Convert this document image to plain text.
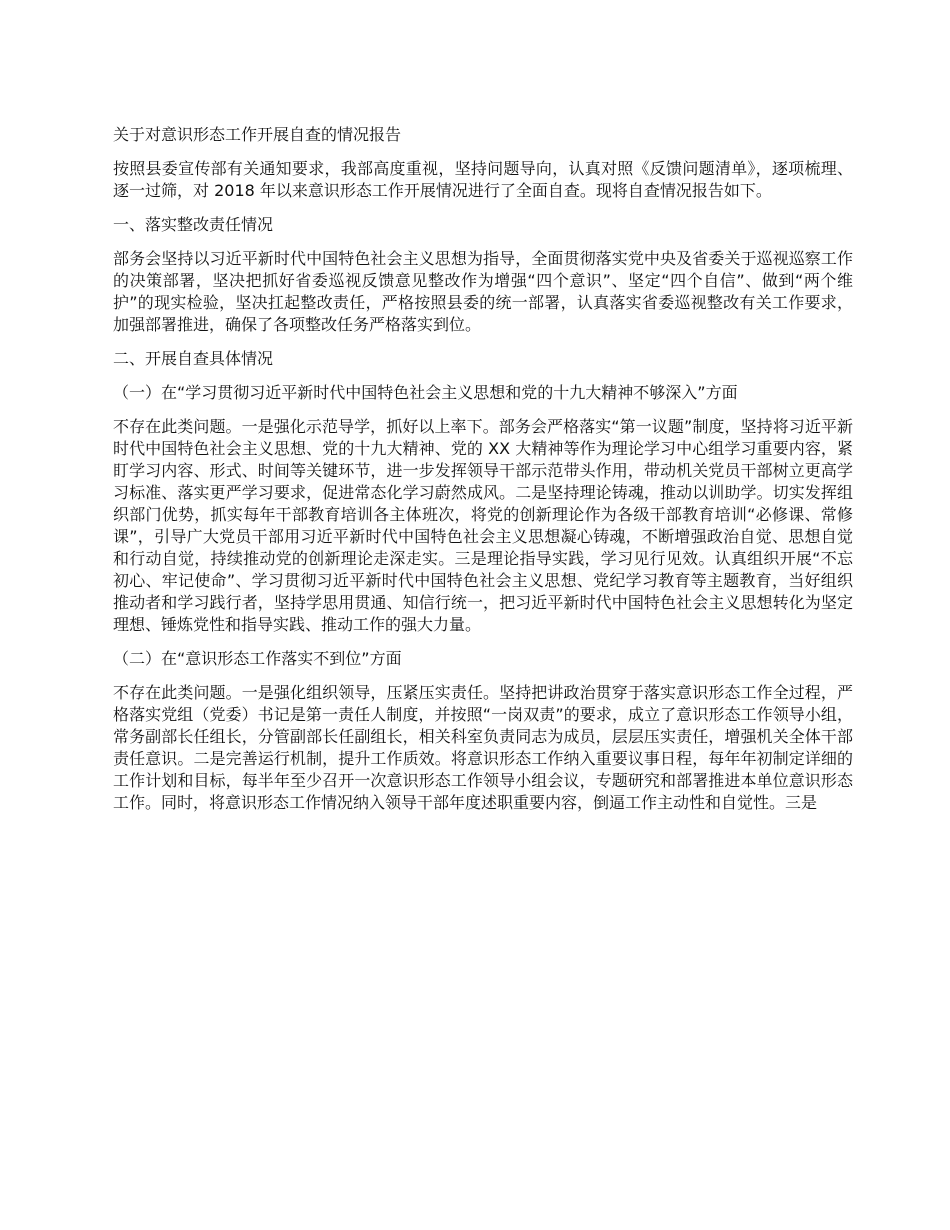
关于对意识形态工作开展自查的情况报告

按照县委宣传部有关通知要求，我部高度重视，坚持问题导向，认真对照《反馈问题清单》，逐项梳理、逐一过筛，对 2018 年以来意识形态工作开展情况进行了全面自查。现将自查情况报告如下。

一、落实整改责任情况

部务会坚持以习近平新时代中国特色社会主义思想为指导，全面贯彻落实党中央及省委关于巡视巡察工作的决策部署，坚决把抓好省委巡视反馈意见整改作为增强“四个意识”、坚定“四个自信”、做到“两个维护”的现实检验，坚决扛起整改责任，严格按照县委的统一部署，认真落实省委巡视整改有关工作要求，加强部署推进，确保了各项整改任务严格落实到位。

二、开展自查具体情况

（一）在“学习贯彻习近平新时代中国特色社会主义思想和党的十九大精神不够深入”方面

不存在此类问题。一是强化示范导学，抓好以上率下。部务会严格落实“第一议题”制度，坚持将习近平新时代中国特色社会主义思想、党的十九大精神、党的 XX 大精神等作为理论学习中心组学习重要内容，紧盯学习内容、形式、时间等关键环节，进一步发挥领导干部示范带头作用，带动机关党员干部树立更高学习标准、落实更严学习要求，促进常态化学习蔚然成风。二是坚持理论铸魂，推动以训助学。切实发挥组织部门优势，抓实每年干部教育培训各主体班次，将党的创新理论作为各级干部教育培训“必修课、常修课”，引导广大党员干部用习近平新时代中国特色社会主义思想凝心铸魂，不断增强政治自觉、思想自觉和行动自觉，持续推动党的创新理论走深走实。三是理论指导实践，学习见行见效。认真组织开展“不忘初心、牢记使命”、学习贯彻习近平新时代中国特色社会主义思想、党纪学习教育等主题教育，当好组织推动者和学习践行者，坚持学思用贯通、知信行统一，把习近平新时代中国特色社会主义思想转化为坚定理想、锤炼党性和指导实践、推动工作的强大力量。

（二）在“意识形态工作落实不到位”方面

不存在此类问题。一是强化组织领导，压紧压实责任。坚持把讲政治贯穿于落实意识形态工作全过程，严格落实党组（党委）书记是第一责任人制度，并按照“一岗双责”的要求，成立了意识形态工作领导小组，常务副部长任组长，分管副部长任副组长，相关科室负责同志为成员，层层压实责任，增强机关全体干部责任意识。二是完善运行机制，提升工作质效。将意识形态工作纳入重要议事日程，每年年初制定详细的工作计划和目标，每半年至少召开一次意识形态工作领导小组会议，专题研究和部署推进本单位意识形态工作。同时，将意识形态工作情况纳入领导干部年度述职重要内容，倒逼工作主动性和自觉性。三是
